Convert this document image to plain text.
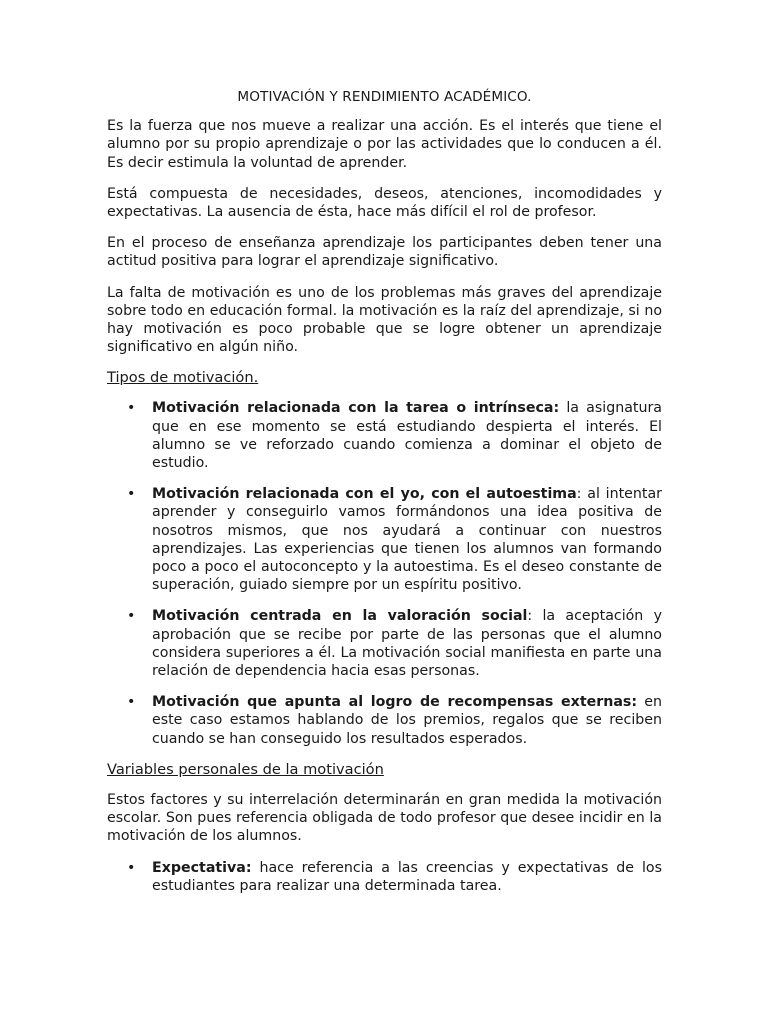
MOTIVACIÓN Y RENDIMIENTO ACADÉMICO.

Es la fuerza que nos mueve a realizar una acción. Es el interés que tiene el alumno por su propio aprendizaje o por las actividades que lo conducen a él. Es decir estimula la voluntad de aprender.

Está compuesta de necesidades, deseos, atenciones, incomodidades y expectativas. La ausencia de ésta, hace más difícil el rol de profesor.

En el proceso de enseñanza aprendizaje los participantes deben tener una actitud positiva para lograr el aprendizaje significativo.

La falta de motivación es uno de los problemas más graves del aprendizaje sobre todo en educación formal. la motivación es la raíz del aprendizaje, si no hay motivación es poco probable que se logre obtener un aprendizaje significativo en algún niño.

Tipos de motivación.
• Motivación relacionada con la tarea o intrínseca: la asignatura que en ese momento se está estudiando despierta el interés. El alumno se ve reforzado cuando comienza a dominar el objeto de estudio.
• Motivación relacionada con el yo, con el autoestima: al intentar aprender y conseguirlo vamos formándonos una idea positiva de nosotros mismos, que nos ayudará a continuar con nuestros aprendizajes. Las experiencias que tienen los alumnos van formando poco a poco el autoconcepto y la autoestima. Es el deseo constante de superación, guiado siempre por un espíritu positivo.
• Motivación centrada en la valoración social: la aceptación y aprobación que se recibe por parte de las personas que el alumno considera superiores a él. La motivación social manifiesta en parte una relación de dependencia hacia esas personas.
• Motivación que apunta al logro de recompensas externas: en este caso estamos hablando de los premios, regalos que se reciben cuando se han conseguido los resultados esperados.
Variables personales de la motivación

Estos factores y su interrelación determinarán en gran medida la motivación escolar. Son pues referencia obligada de todo profesor que desee incidir en la motivación de los alumnos.

• Expectativa: hace referencia a las creencias y expectativas de los estudiantes para realizar una determinada tarea.
